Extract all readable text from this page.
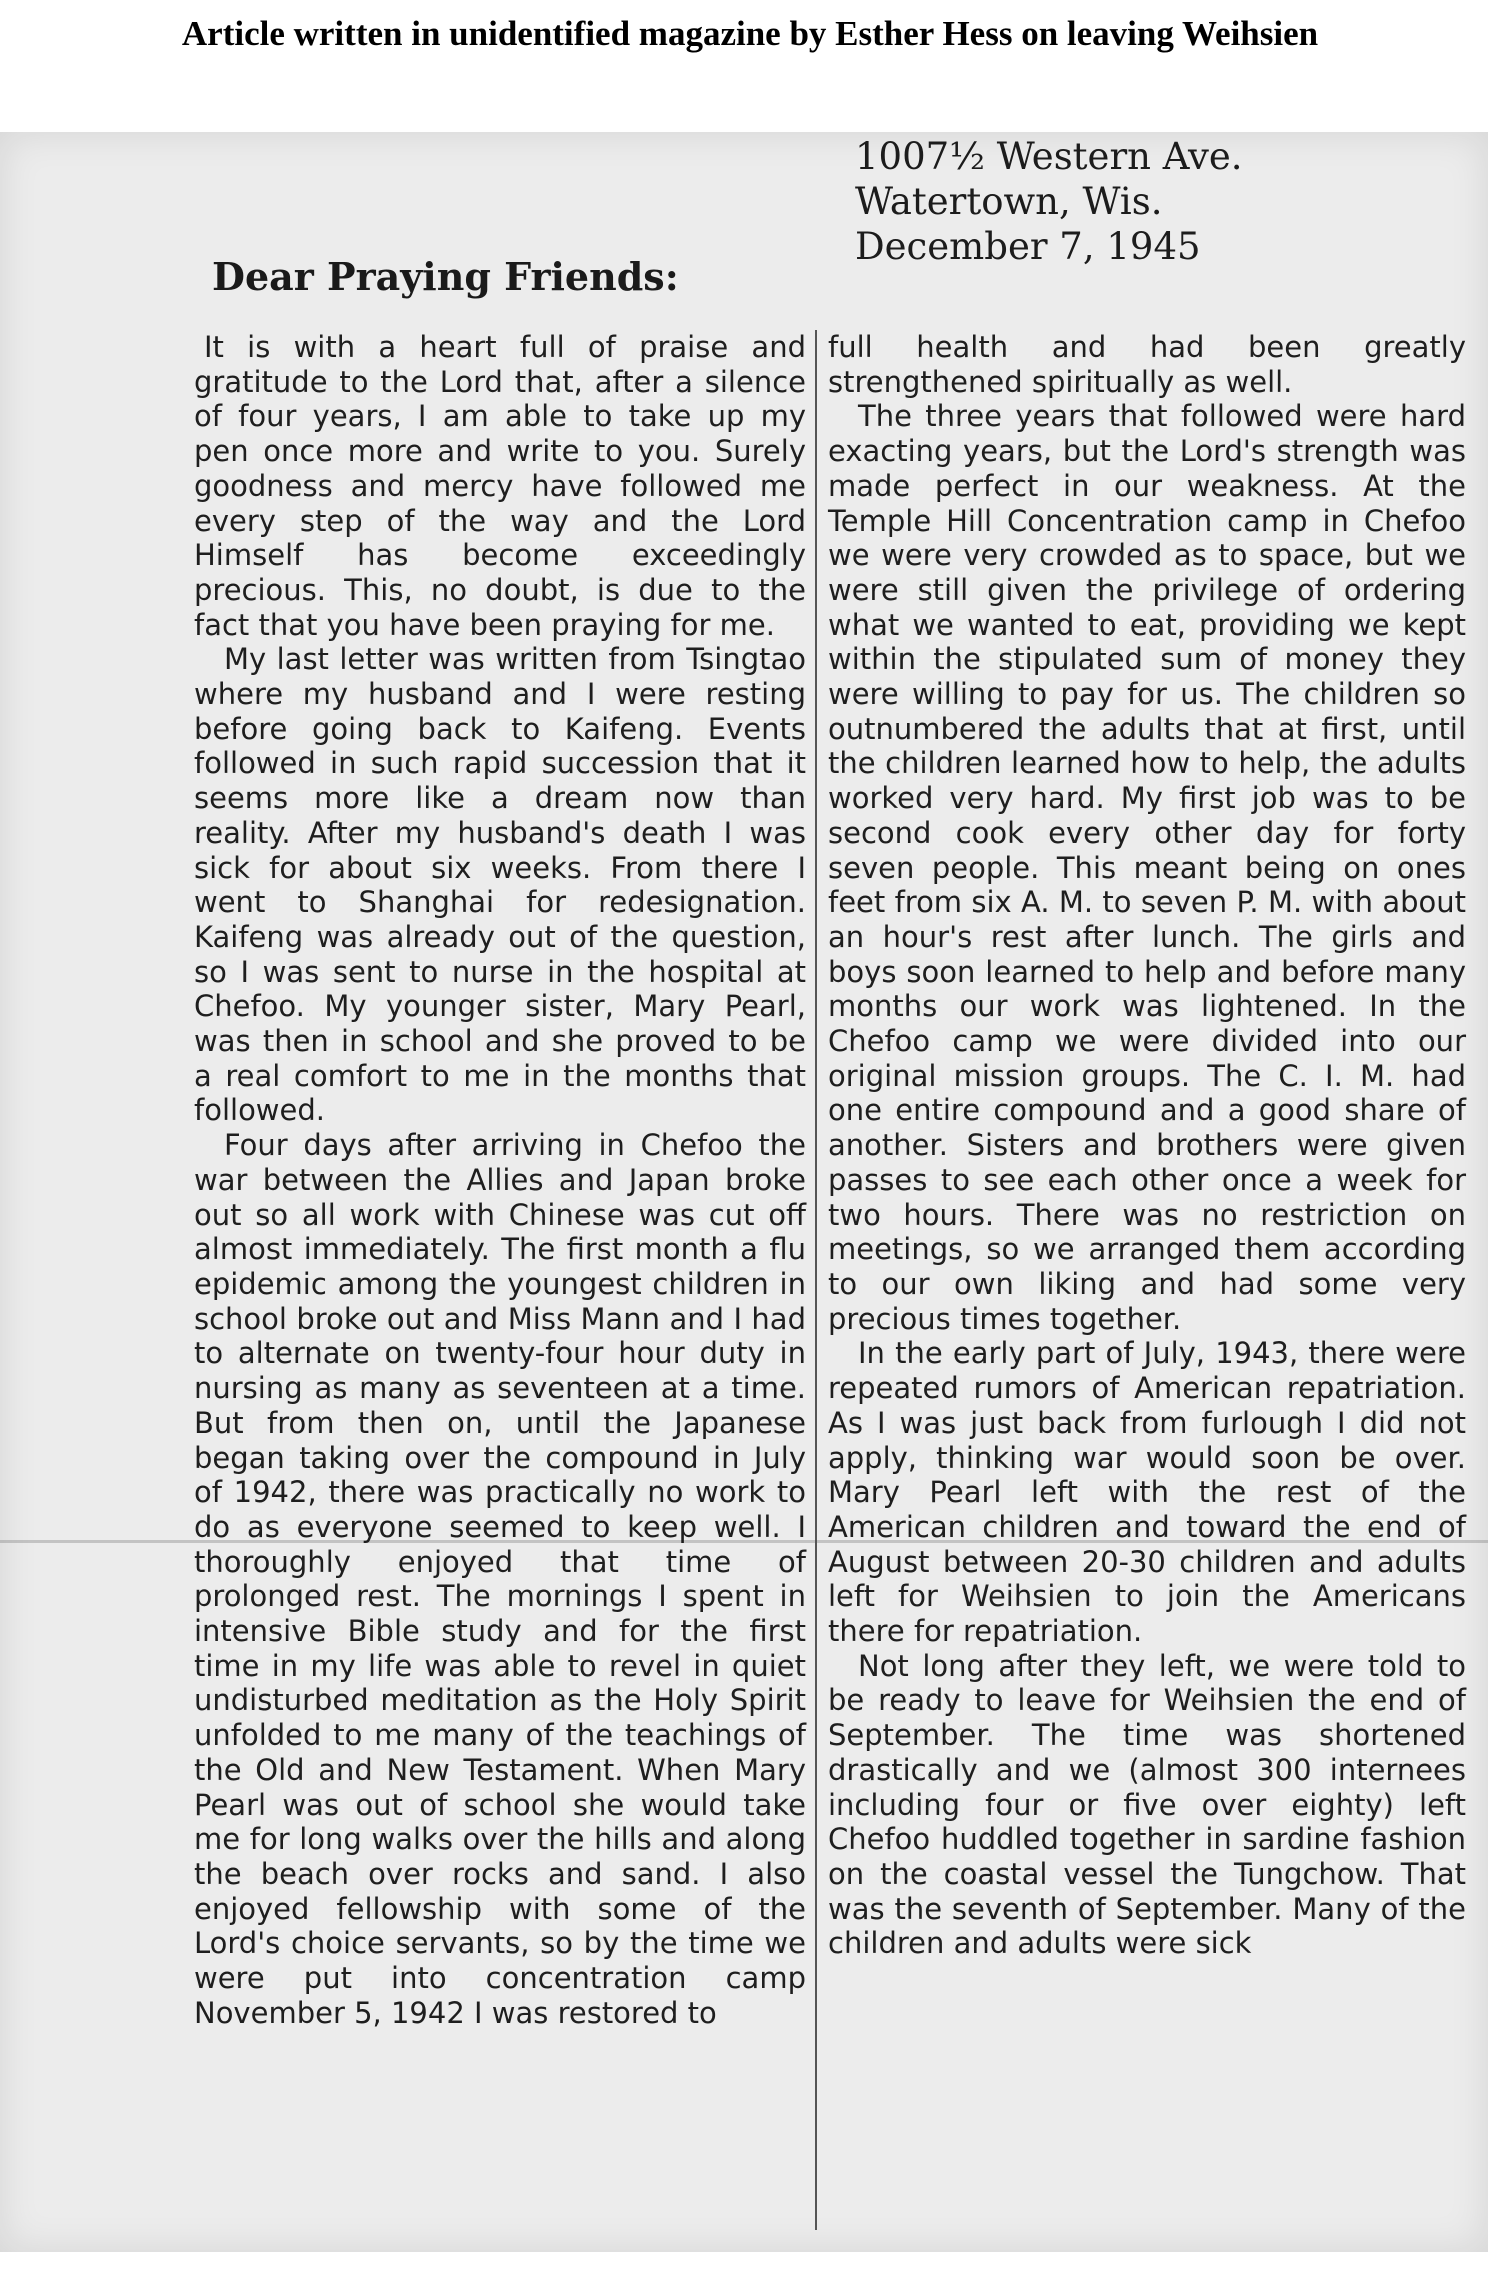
Article written in unidentified magazine by Esther Hess on leaving Weihsien
1007½ Western Ave.
Watertown, Wis.
December 7, 1945
Dear Praying Friends:

It is with a heart full of praise and gratitude to the Lord that, after a silence of four years, I am able to take up my pen once more and write to you. Surely goodness and mercy have followed me every step of the way and the Lord Himself has become exceedingly precious. This, no doubt, is due to the fact that you have been praying for me.

My last letter was written from Tsingtao where my husband and I were resting before going back to Kaifeng. Events followed in such rapid succession that it seems more like a dream now than reality. After my husband's death I was sick for about six weeks. From there I went to Shanghai for redesignation. Kaifeng was already out of the question, so I was sent to nurse in the hospital at Chefoo. My younger sister, Mary Pearl, was then in school and she proved to be a real comfort to me in the months that followed.

Four days after arriving in Chefoo the war between the Allies and Japan broke out so all work with Chinese was cut off almost immediately. The first month a flu epidemic among the youngest children in school broke out and Miss Mann and I had to alternate on twenty-four hour duty in nursing as many as seventeen at a time. But from then on, until the Japanese began taking over the compound in July of 1942, there was practically no work to do as everyone seemed to keep well. I thoroughly enjoyed that time of prolonged rest. The mornings I spent in intensive Bible study and for the first time in my life was able to revel in quiet undisturbed meditation as the Holy Spirit unfolded to me many of the teachings of the Old and New Testament. When Mary Pearl was out of school she would take me for long walks over the hills and along the beach over rocks and sand. I also enjoyed fellowship with some of the Lord's choice servants, so by the time we were put into concentration camp November 5, 1942 I was restored to

full health and had been greatly strengthened spiritually as well.

The three years that followed were hard exacting years, but the Lord's strength was made perfect in our weakness. At the Temple Hill Concentration camp in Chefoo we were very crowded as to space, but we were still given the privilege of ordering what we wanted to eat, providing we kept within the stipulated sum of money they were willing to pay for us. The children so outnumbered the adults that at first, until the children learned how to help, the adults worked very hard. My first job was to be second cook every other day for forty seven people. This meant being on ones feet from six A. M. to seven P. M. with about an hour's rest after lunch. The girls and boys soon learned to help and before many months our work was lightened. In the Chefoo camp we were divided into our original mission groups. The C. I. M. had one entire compound and a good share of another. Sisters and brothers were given passes to see each other once a week for two hours. There was no restriction on meetings, so we arranged them according to our own liking and had some very precious times together.

In the early part of July, 1943, there were repeated rumors of American repatriation. As I was just back from furlough I did not apply, thinking war would soon be over. Mary Pearl left with the rest of the American children and toward the end of August between 20-30 children and adults left for Weihsien to join the Americans there for repatriation.

Not long after they left, we were told to be ready to leave for Weihsien the end of September. The time was shortened drastically and we (almost 300 internees including four or five over eighty) left Chefoo huddled together in sardine fashion on the coastal vessel the Tungchow. That was the seventh of September. Many of the children and adults were sick
